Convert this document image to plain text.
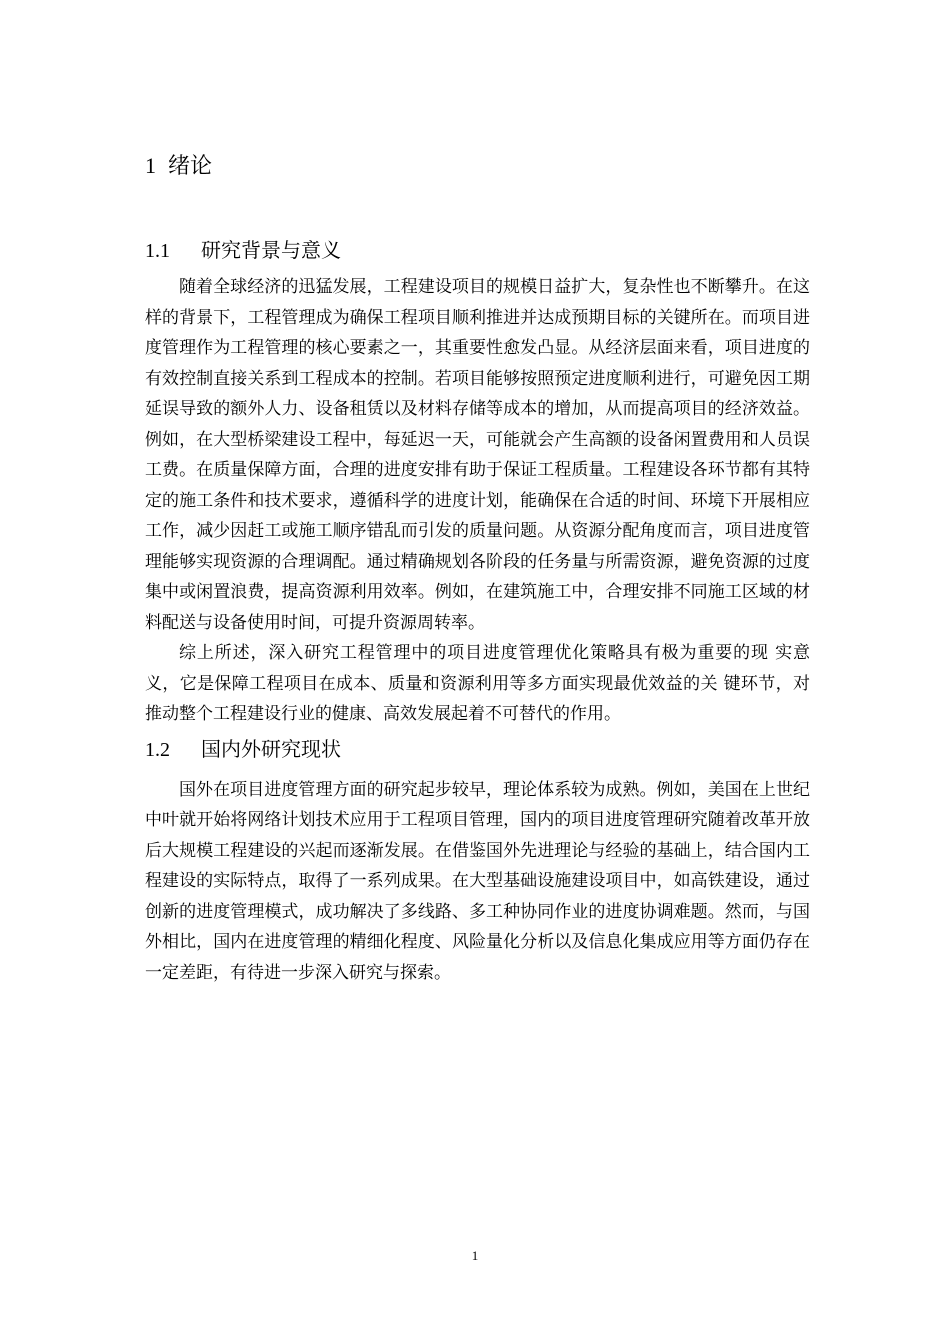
1 绪论
1.1 研究背景与意义

随着全球经济的迅猛发展，工程建设项目的规模日益扩大，复杂性也不断攀升。在这样的背景下，工程管理成为确保工程项目顺利推进并达成预期目标的关键所在。而项目进度管理作为工程管理的核心要素之一，其重要性愈发凸显。从经济层面来看，项目进度的有效控制直接关系到工程成本的控制。若项目能够按照预定进度顺利进行，可避免因工期延误导致的额外人力、设备租赁以及材料存储等成本的增加，从而提高项目的经济效益。例如，在大型桥梁建设工程中，每延迟一天，可能就会产生高额的设备闲置费用和人员误工费。在质量保障方面，合理的进度安排有助于保证工程质量。工程建设各环节都有其特定的施工条件和技术要求，遵循科学的进度计划，能确保在合适的时间、环境下开展相应工作，减少因赶工或施工顺序错乱而引发的质量问题。从资源分配角度而言，项目进度管理能够实现资源的合理调配。通过精确规划各阶段的任务量与所需资源，避免资源的过度集中或闲置浪费，提高资源利用效率。例如，在建筑施工中，合理安排不同施工区域的材料配送与设备使用时间，可提升资源周转率。

综上所述，深入研究工程管理中的项目进度管理优化策略具有极为重要的现 实意义，它是保障工程项目在成本、质量和资源利用等多方面实现最优效益的关 键环节，对推动整个工程建设行业的健康、高效发展起着不可替代的作用。

1.2 国内外研究现状

国外在项目进度管理方面的研究起步较早，理论体系较为成熟。例如，美国在上世纪中叶就开始将网络计划技术应用于工程项目管理，国内的项目进度管理研究随着改革开放后大规模工程建设的兴起而逐渐发展。在借鉴国外先进理论与经验的基础上，结合国内工程建设的实际特点，取得了一系列成果。在大型基础设施建设项目中，如高铁建设，通过创新的进度管理模式，成功解决了多线路、多工种协同作业的进度协调难题。然而，与国外相比，国内在进度管理的精细化程度、风险量化分析以及信息化集成应用等方面仍存在一定差距，有待进一步深入研究与探索。

1
